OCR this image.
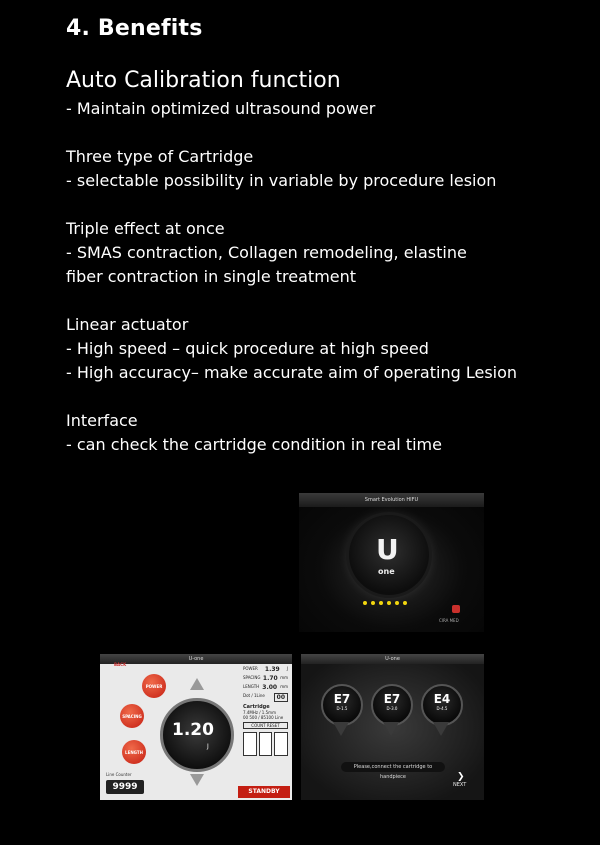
4. Benefits
Auto Calibration function
- Maintain optimized ultrasound power
Three type of Cartridge
- selectable possibility in variable by procedure lesion
Triple effect at once
- SMAS contraction, Collagen remodeling, elastine
fiber contraction in single treatment
Linear actuator
- High speed – quick procedure at high speed
- High accuracy– make accurate aim of operating Lesion
Interface
- can check the cartridge condition in real time
Smart Evolution HIFU
U
one
CIRA MED
U-one
BACK
POWER
SPACING
LENGTH
1.20
J
POWER 1.39 J
SPACING 1.70 mm
LENGTH 3.00 mm
Dot / 1Line	00
Cartridge
7.4MHz / 1.5mm
00 500 / 85100 Line
COUNT RESET
Line Counter
9999	STANDBY
U-one
E7
D-1.5
E7
D-3.0
E4
D-4.5
Please,connect the cartridge to handpiece	❯
NEXT
